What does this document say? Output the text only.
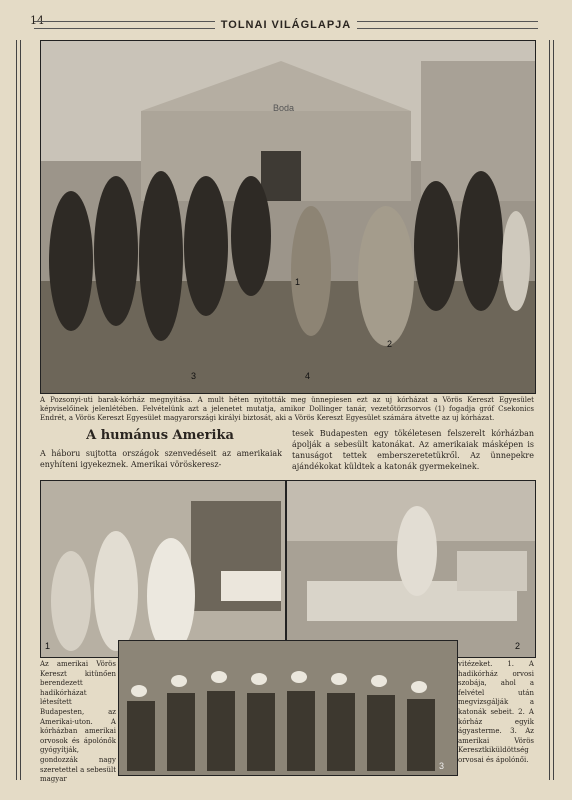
14	TOLNAI VILÁGLAPJA
Boda
1
2
3	4
A Pozsonyi-uti barak-kórház megnyitása. A mult héten nyitották meg ünnepiesen ezt az uj kórházat a Vörös Kereszt Egyesület képviselőinek jelenlétében. Felvételünk azt a jelenetet mutatja, amikor Dollinger tanár, vezetőtörzsorvos (1) fogadja gróf Csekonics Endrét, a Vörös Kereszt Egyesület magyarországi királyi biztosát, aki a Vörös Kereszt Egyesület számára átvette az uj kórházat.
A humánus Amerika
A háboru sujtotta országok szenvedéseit az amerikaiak enyhíteni igyekeznek. Amerikai vöröskeresz-
tesek Budapesten egy tökéletesen felszerelt kórházban ápolják a sebesült katonákat. Az amerikaiak másképen is tanuságot tettek emberszeretetükről. Az ünnepekre ajándékokat küldtek a katonák gyermekeinek.
1	2
3
Az amerikai Vörös Kereszt kitünően berendezett hadikórházat létesített Budapesten, az Amerikai-uton. A kórházban amerikai orvosok és ápolónők gyógyítják, gondozzák nagy szeretettel a sebesült magyar
vitézeket. 1. A hadikórház orvosi szobája, ahol a felvétel után megvizsgálják a katonák sebeit. 2. A kórház egyik ágyasterme. 3. Az amerikai Vörös Keresztkiküldöttség orvosai és ápolónői.
